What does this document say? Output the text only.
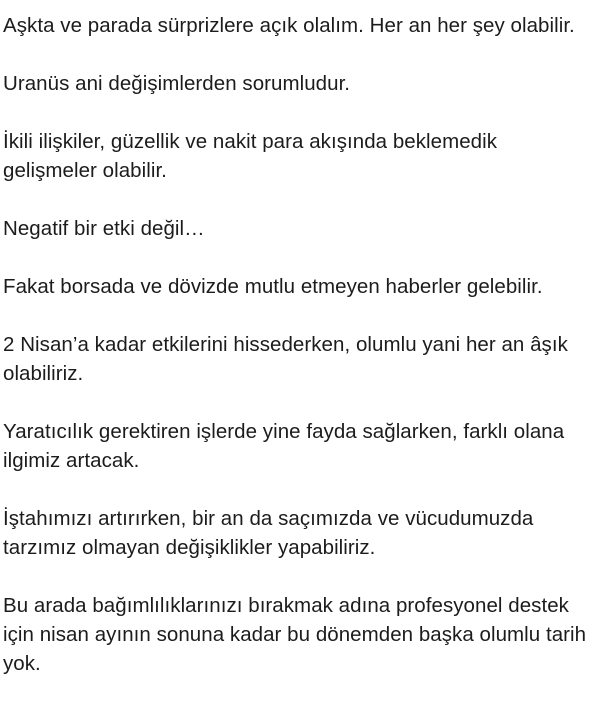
Aşkta ve parada sürprizlere açık olalım. Her an her şey olabilir.

Uranüs ani değişimlerden sorumludur.

İkili ilişkiler, güzellik ve nakit para akışında beklemedik gelişmeler olabilir.

Negatif bir etki değil…

Fakat borsada ve dövizde mutlu etmeyen haberler gelebilir.

2 Nisan’a kadar etkilerini hissederken, olumlu yani her an âşık olabiliriz.

Yaratıcılık gerektiren işlerde yine fayda sağlarken, farklı olana ilgimiz artacak.

İştahımızı artırırken, bir an da saçımızda ve vücudumuzda tarzımız olmayan değişiklikler yapabiliriz.

Bu arada bağımlılıklarınızı bırakmak adına profesyonel destek için nisan ayının sonuna kadar bu dönemden başka olumlu tarih yok.
